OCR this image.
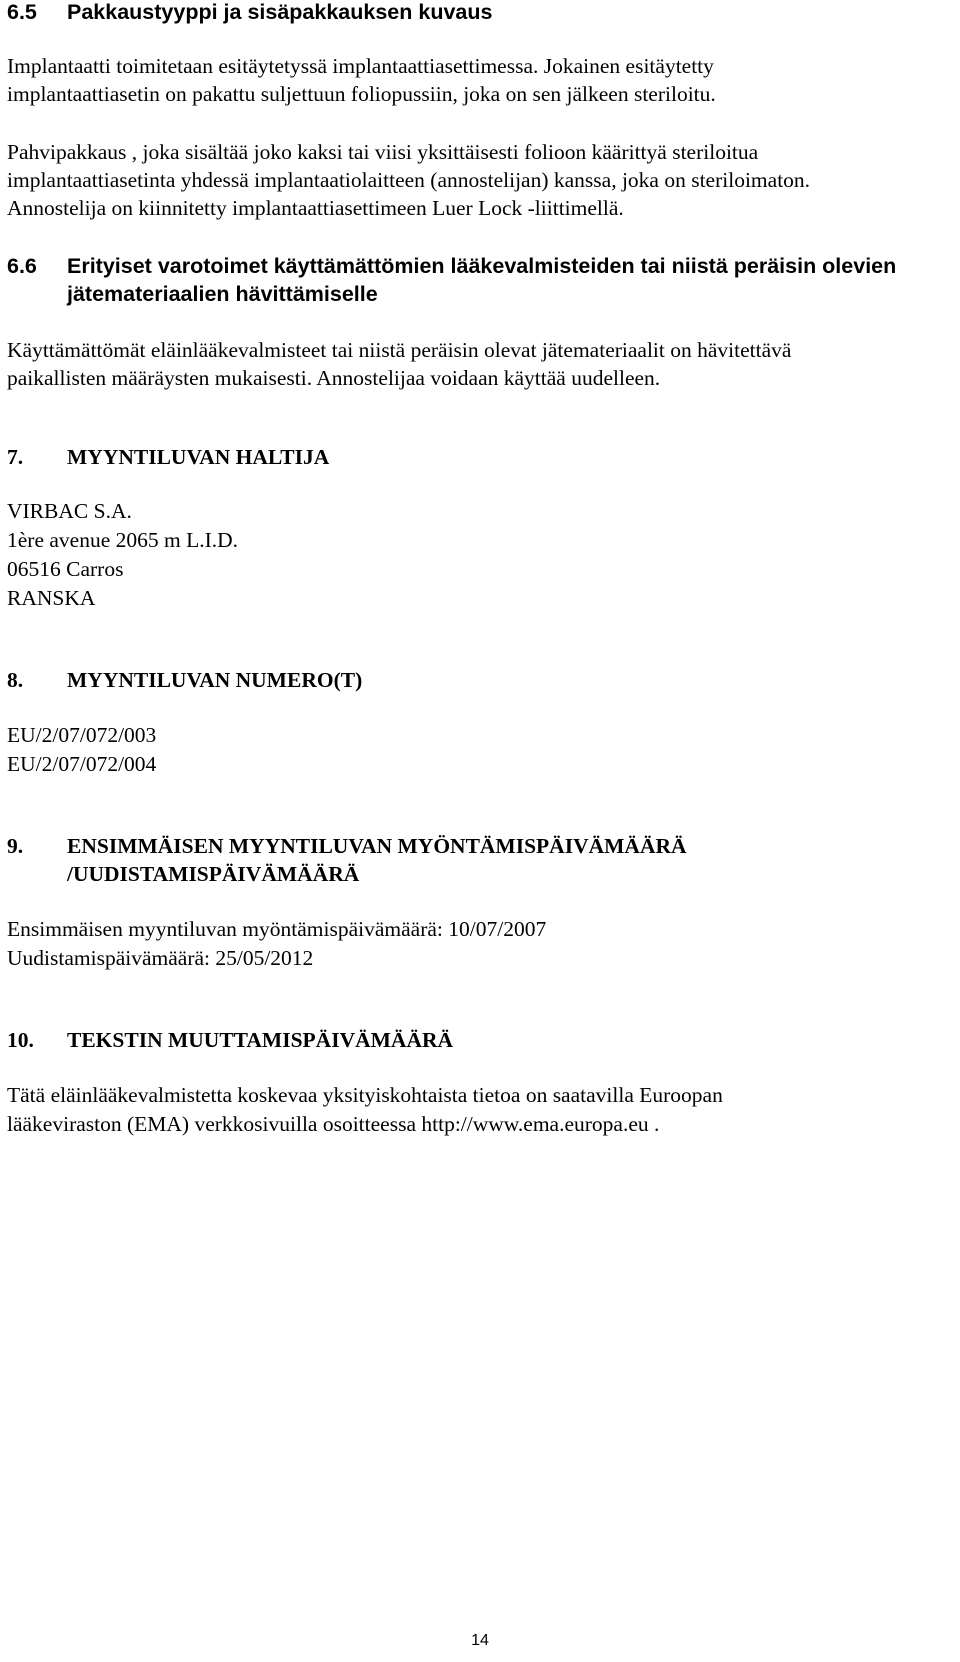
6.5 Pakkaustyyppi ja sisäpakkauksen kuvaus
Implantaatti toimitetaan esitäytetyssä implantaattiasettimessa. Jokainen esitäytetty
implantaattiasetin on pakattu suljettuun foliopussiin, joka on sen jälkeen steriloitu.
Pahvipakkaus , joka sisältää joko kaksi tai viisi yksittäisesti folioon käärittyä steriloitua
implantaattiasetinta yhdessä implantaatiolaitteen (annostelijan) kanssa, joka on steriloimaton.
Annostelija on kiinnitetty implantaattiasettimeen Luer Lock -liittimellä.
6.6 Erityiset varotoimet käyttämättömien lääkevalmisteiden tai niistä peräisin olevien
jätemateriaalien hävittämiselle
Käyttämättömät eläinlääkevalmisteet tai niistä peräisin olevat jätemateriaalit on hävitettävä
paikallisten määräysten mukaisesti. Annostelijaa voidaan käyttää uudelleen.
7. MYYNTILUVAN HALTIJA
VIRBAC S.A.
1ère avenue 2065 m L.I.D.
06516 Carros
RANSKA
8. MYYNTILUVAN NUMERO(T)
EU/2/07/072/003
EU/2/07/072/004
9. ENSIMMÄISEN MYYNTILUVAN MYÖNTÄMISPÄIVÄMÄÄRÄ
/UUDISTAMISPÄIVÄMÄÄRÄ
Ensimmäisen myyntiluvan myöntämispäivämäärä: 10/07/2007
Uudistamispäivämäärä: 25/05/2012
10. TEKSTIN MUUTTAMISPÄIVÄMÄÄRÄ
Tätä eläinlääkevalmistetta koskevaa yksityiskohtaista tietoa on saatavilla Euroopan
lääkeviraston (EMA) verkkosivuilla osoitteessa http://www.ema.europa.eu .
14
